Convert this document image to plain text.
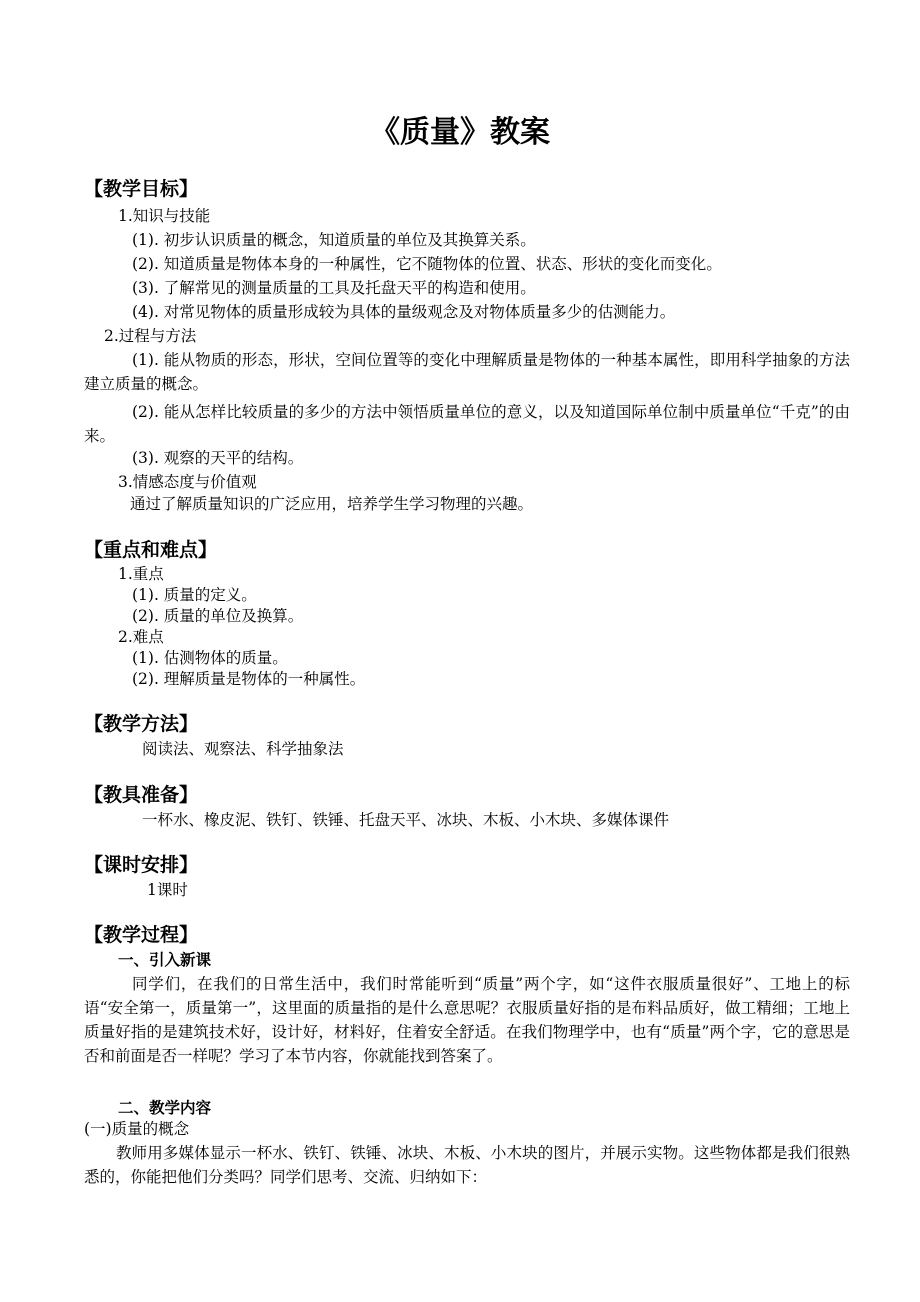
《质量》教案
【教学目标】
1.知识与技能
(1). 初步认识质量的概念，知道质量的单位及其换算关系。
(2). 知道质量是物体本身的一种属性，它不随物体的位置、状态、形状的变化而变化。
(3). 了解常见的测量质量的工具及托盘天平的构造和使用。
(4). 对常见物体的质量形成较为具体的量级观念及对物体质量多少的估测能力。
2.过程与方法
(1). 能从物质的形态，形状，空间位置等的变化中理解质量是物体的一种基本属性，即用科学抽象的方法建立质量的概念。
(2). 能从怎样比较质量的多少的方法中领悟质量单位的意义，以及知道国际单位制中质量单位“千克”的由来。
(3). 观察的天平的结构。
3.情感态度与价值观
通过了解质量知识的广泛应用，培养学生学习物理的兴趣。
【重点和难点】
1.重点
(1). 质量的定义。
(2). 质量的单位及换算。
2.难点
(1). 估测物体的质量。
(2). 理解质量是物体的一种属性。
【教学方法】
阅读法、观察法、科学抽象法
【教具准备】
一杯水、橡皮泥、铁钉、铁锤、托盘天平、冰块、木板、小木块、多媒体课件
【课时安排】
1课时
【教学过程】
一、引入新课
同学们，在我们的日常生活中，我们时常能听到“质量”两个字，如“这件衣服质量很好”、工地上的标语“安全第一，质量第一”，这里面的质量指的是什么意思呢？衣服质量好指的是布料品质好，做工精细；工地上质量好指的是建筑技术好，设计好，材料好，住着安全舒适。在我们物理学中，也有“质量”两个字，它的意思是否和前面是否一样呢？学习了本节内容，你就能找到答案了。
二、教学内容
(一)质量的概念
教师用多媒体显示一杯水、铁钉、铁锤、冰块、木板、小木块的图片，并展示实物。这些物体都是我们很熟悉的，你能把他们分类吗？同学们思考、交流、归纳如下：
